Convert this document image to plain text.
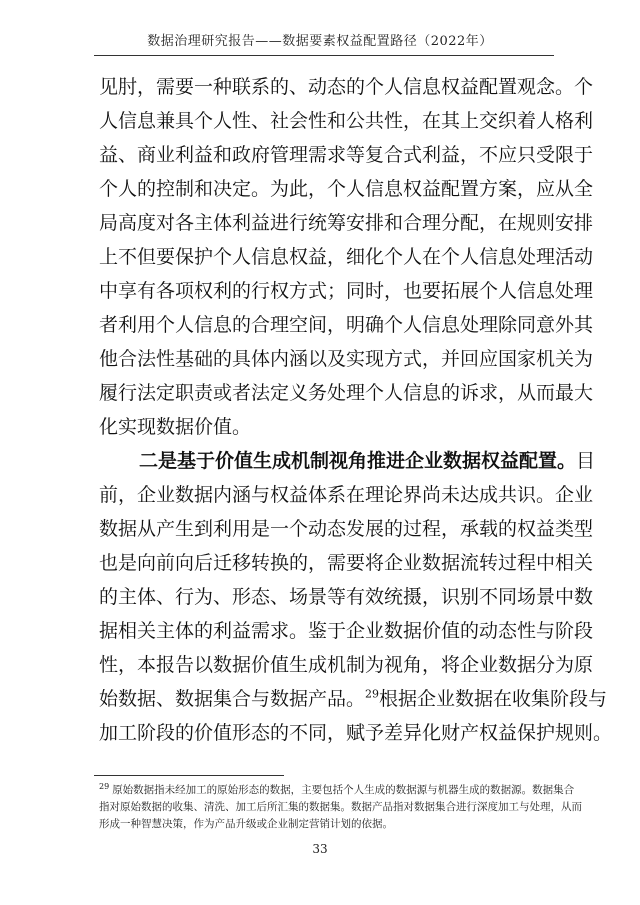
数据治理研究报告——数据要素权益配置路径（2022年）
见肘，需要一种联系的、动态的个人信息权益配置观念。个
人信息兼具个人性、社会性和公共性，在其上交织着人格利
益、商业利益和政府管理需求等复合式利益，不应只受限于
个人的控制和决定。为此，个人信息权益配置方案，应从全
局高度对各主体利益进行统筹安排和合理分配，在规则安排
上不但要保护个人信息权益，细化个人在个人信息处理活动
中享有各项权利的行权方式；同时，也要拓展个人信息处理
者利用个人信息的合理空间，明确个人信息处理除同意外其
他合法性基础的具体内涵以及实现方式，并回应国家机关为
履行法定职责或者法定义务处理个人信息的诉求，从而最大
化实现数据价值。
二是基于价值生成机制视角推进企业数据权益配置。目
前，企业数据内涵与权益体系在理论界尚未达成共识。企业
数据从产生到利用是一个动态发展的过程，承载的权益类型
也是向前向后迁移转换的，需要将企业数据流转过程中相关
的主体、行为、形态、场景等有效统摄，识别不同场景中数
据相关主体的利益需求。鉴于企业数据价值的动态性与阶段
性，本报告以数据价值生成机制为视角，将企业数据分为原
始数据、数据集合与数据产品。$^{29}$根据企业数据在收集阶段与
加工阶段的价值形态的不同，赋予差异化财产权益保护规则。
$^{29}$ 原始数据指未经加工的原始形态的数据，主要包括个人生成的数据源与机器生成的数据源。数据集合
指对原始数据的收集、清洗、加工后所汇集的数据集。数据产品指对数据集合进行深度加工与处理，从而
形成一种智慧决策，作为产品升级或企业制定营销计划的依据。
33
